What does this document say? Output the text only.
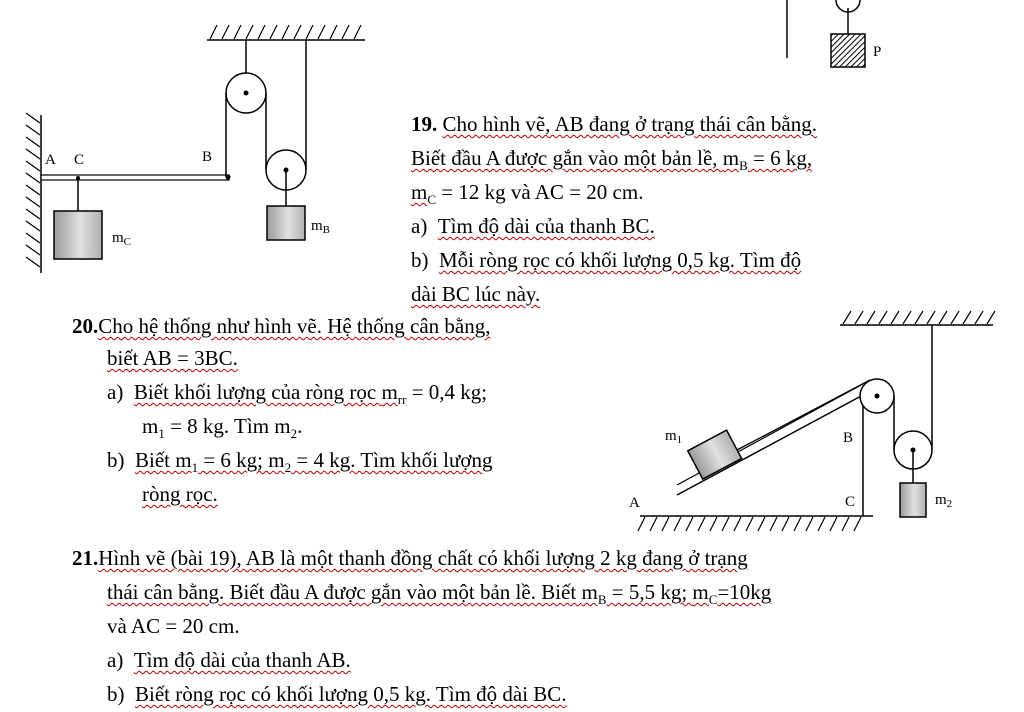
P
A C	B
$m_C$
$m_B$
19. Cho hình vẽ, AB đang ở trạng thái cân bằng.
Biết đầu A được gắn vào một bản lề, $m_B = 6$ kg,
$m_C = 12$ kg và AC = 20 cm.
a) Tìm độ dài của thanh BC.
b) Mỗi ròng rọc có khối lượng 0,5 kg. Tìm độ
dài BC lúc này.
20.Cho hệ thống như hình vẽ. Hệ thống cân bằng,
biết AB = 3BC.
a) Biết khối lượng của ròng rọc $m_{rr} = 0,4$ kg;
$m_1 = 8$ kg. Tìm $m_2$.
b) Biết $m_1 = 6$ kg; $m_2 = 4$ kg. Tìm khối lượng
ròng rọc.
$m_1$	B
A	C	$m_2$
21.Hình vẽ (bài 19), AB là một thanh đồng chất có khối lượng 2 kg đang ở trạng
thái cân bằng. Biết đầu A được gắn vào một bản lề. Biết $m_B = 5,5$ kg; $m_C=10kg$
và AC = 20 cm.
a) Tìm độ dài của thanh AB.
b) Biết ròng rọc có khối lượng 0,5 kg. Tìm độ dài BC.
